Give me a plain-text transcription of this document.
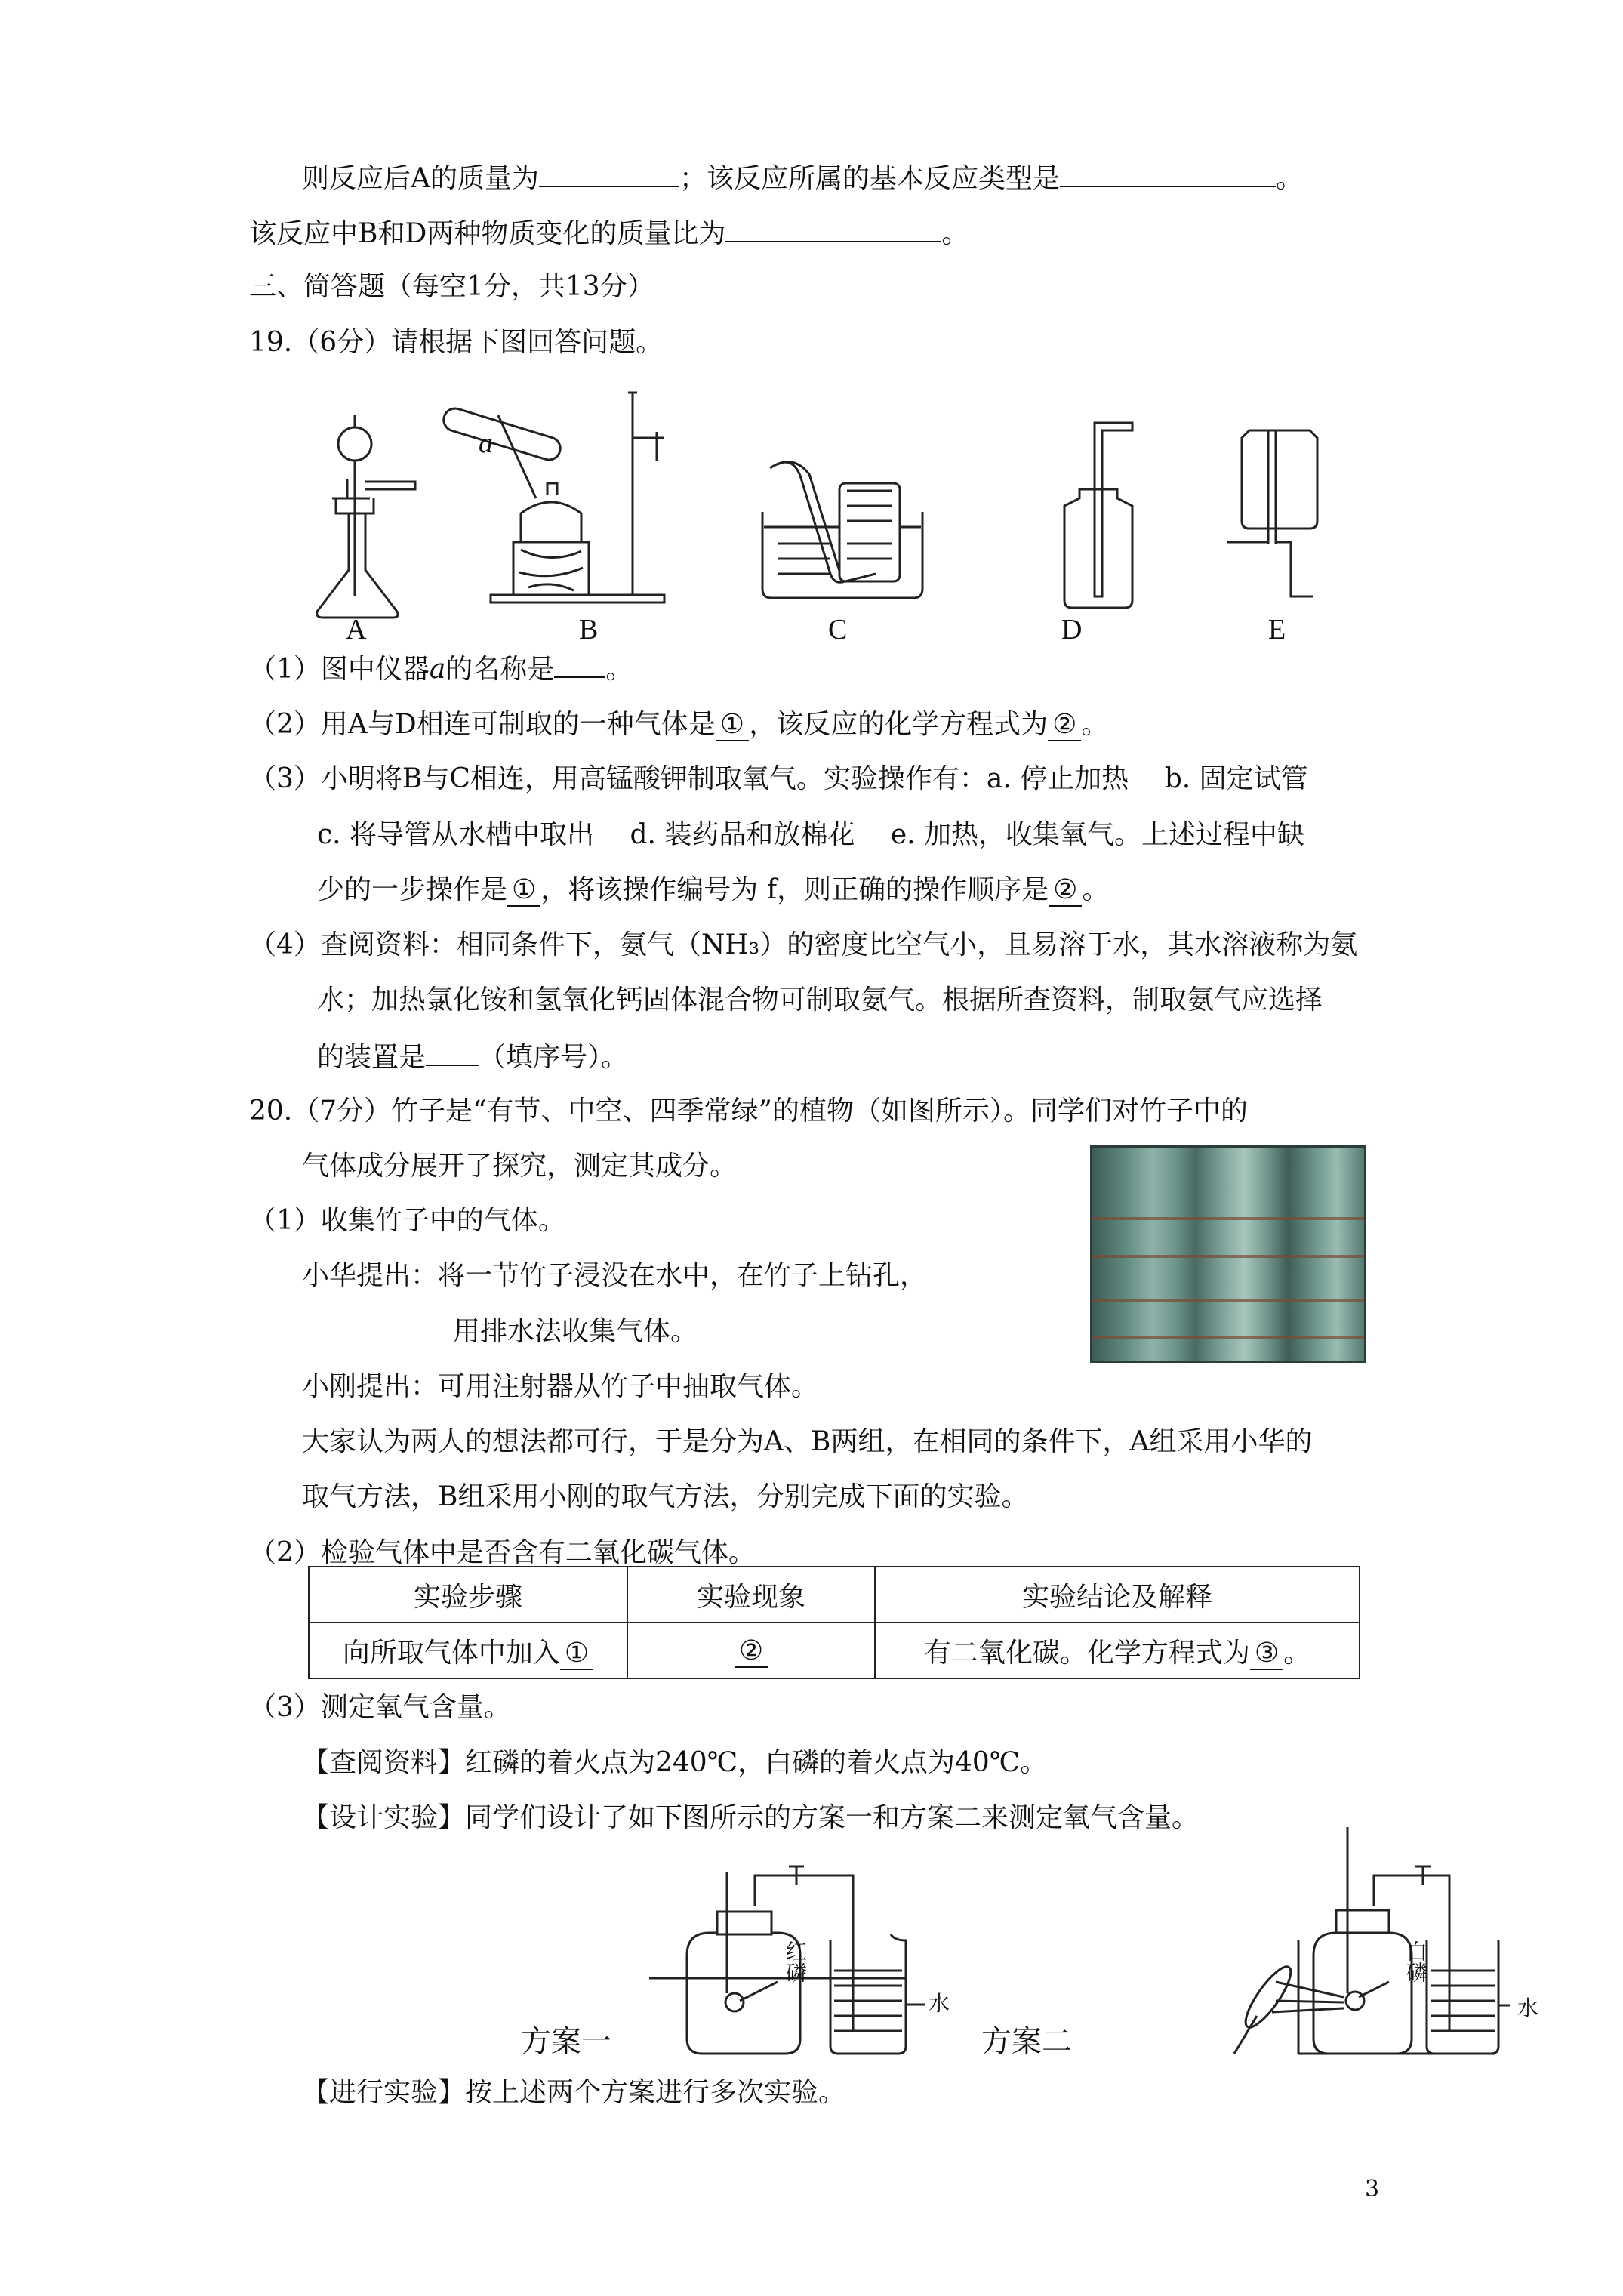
则反应后A的质量为	；该反应所属的基本反应类型是	。
该反应中B和D两种物质变化的质量比为	。
三、简答题（每空1分，共13分）
19.（6分）请根据下图回答问题。
a
A	B	C	D	E
（1）图中仪器a的名称是 。
（2）用A与D相连可制取的一种气体是 ① ，该反应的化学方程式为 ② 。
（3）小明将B与C相连，用高锰酸钾制取氧气。实验操作有：a. 停止加热　 b. 固定试管
c. 将导管从水槽中取出　 d. 装药品和放棉花　 e. 加热，收集氧气。上述过程中缺
少的一步操作是 ① ，将该操作编号为 f，则正确的操作顺序是 ② 。
（4）查阅资料：相同条件下，氨气（NH₃）的密度比空气小，且易溶于水，其水溶液称为氨
水；加热氯化铵和氢氧化钙固体混合物可制取氨气。根据所查资料，制取氨气应选择
的装置是 （填序号）。
20.（7分）竹子是“有节、中空、四季常绿”的植物（如图所示）。同学们对竹子中的
气体成分展开了探究，测定其成分。
（1）收集竹子中的气体。
小华提出：将一节竹子浸没在水中，在竹子上钻孔，
用排水法收集气体。
小刚提出：可用注射器从竹子中抽取气体。
大家认为两人的想法都可行，于是分为A、B两组，在相同的条件下，A组采用小华的
取气方法，B组采用小刚的取气方法，分别完成下面的实验。
（2）检验气体中是否含有二氧化碳气体。
实验步骤	实验现象	实验结论及解释
向所取气体中加入 ①	②	有二氧化碳。化学方程式为 ③ 。
（3）测定氧气含量。
【查阅资料】红磷的着火点为240℃，白磷的着火点为40℃。
【设计实验】同学们设计了如下图所示的方案一和方案二来测定氧气含量。
红磷
水
白磷
水
方案一	方案二
【进行实验】按上述两个方案进行多次实验。
3
